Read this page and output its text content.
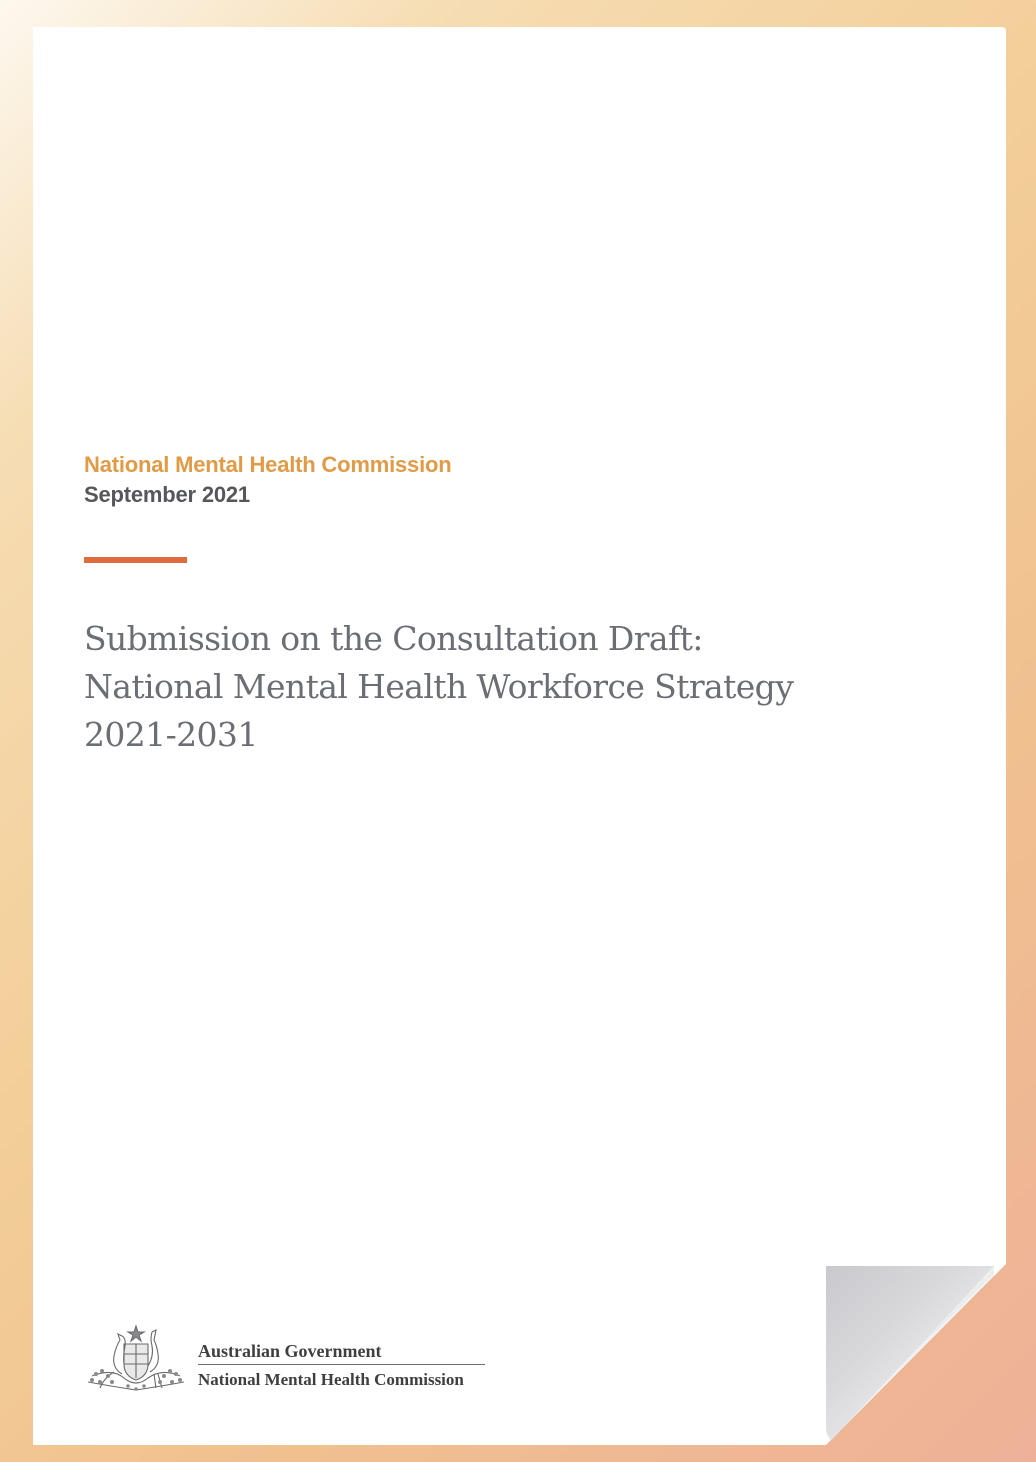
National Mental Health Commission
September 2021
Submission on the Consultation Draft:
National Mental Health Workforce Strategy
2021-2031
Australian Government
National Mental Health Commission
